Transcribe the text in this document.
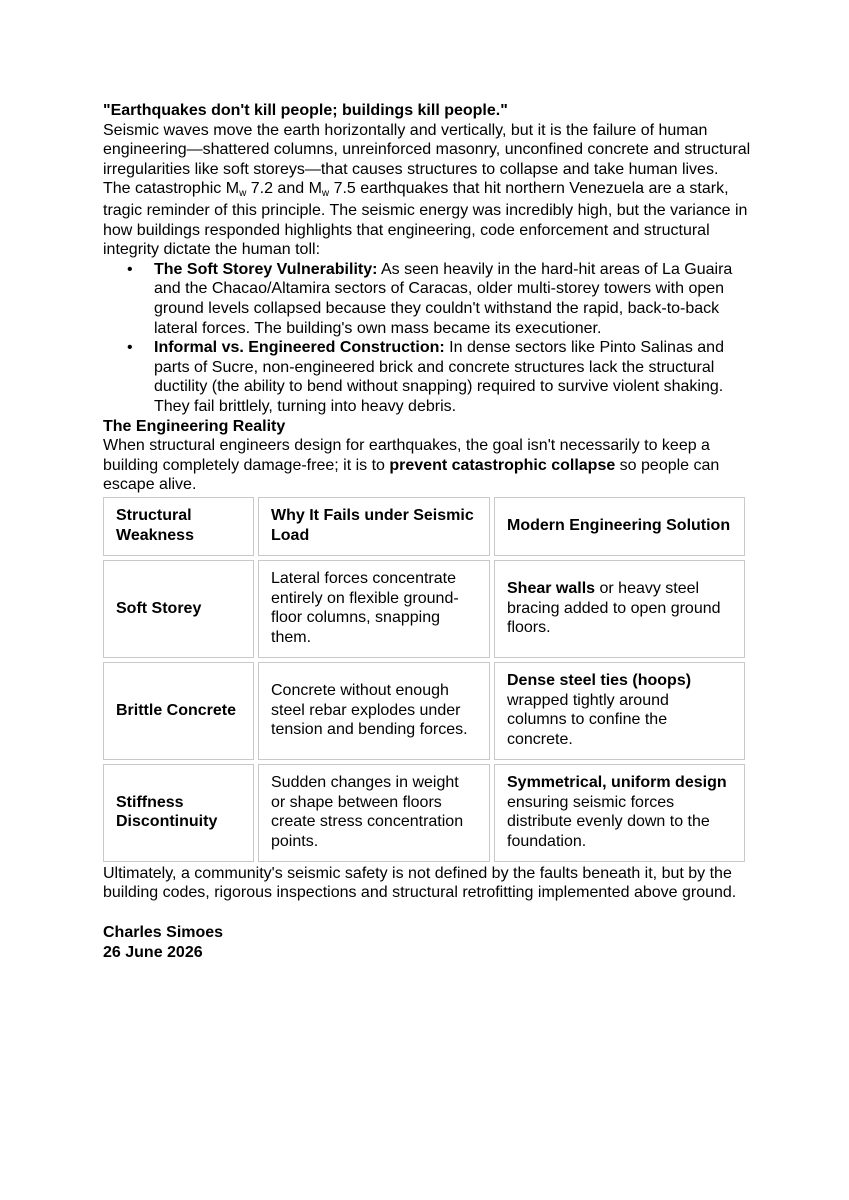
"Earthquakes don't kill people; buildings kill people."

Seismic waves move the earth horizontally and vertically, but it is the failure of human engineering—shattered columns, unreinforced masonry, unconfined concrete and structural irregularities like soft storeys—that causes structures to collapse and take human lives.

The catastrophic Mw 7.2 and Mw 7.5 earthquakes that hit northern Venezuela are a stark, tragic reminder of this principle. The seismic energy was incredibly high, but the variance in how buildings responded highlights that engineering, code enforcement and structural integrity dictate the human toll:

• The Soft Storey Vulnerability: As seen heavily in the hard-hit areas of La Guaira and the Chacao/Altamira sectors of Caracas, older multi-storey towers with open ground levels collapsed because they couldn't withstand the rapid, back-to-back lateral forces. The building's own mass became its executioner.
• Informal vs. Engineered Construction: In dense sectors like Pinto Salinas and parts of Sucre, non-engineered brick and concrete structures lack the structural ductility (the ability to bend without snapping) required to survive violent shaking. They fail brittlely, turning into heavy debris.

The Engineering Reality

When structural engineers design for earthquakes, the goal isn't necessarily to keep a building completely damage-free; it is to prevent catastrophic collapse so people can escape alive.

Structural Weakness	Why It Fails under Seismic Load	Modern Engineering Solution
Soft Storey	Lateral forces concentrate entirely on flexible ground-floor columns, snapping them.	Shear walls or heavy steel bracing added to open ground floors.
Brittle Concrete	Concrete without enough steel rebar explodes under tension and bending forces.	Dense steel ties (hoops) wrapped tightly around columns to confine the concrete.
Stiffness Discontinuity	Sudden changes in weight or shape between floors create stress concentration points.	Symmetrical, uniform design ensuring seismic forces distribute evenly down to the foundation.

Ultimately, a community's seismic safety is not defined by the faults beneath it, but by the building codes, rigorous inspections and structural retrofitting implemented above ground.

Charles Simoes

26 June 2026
